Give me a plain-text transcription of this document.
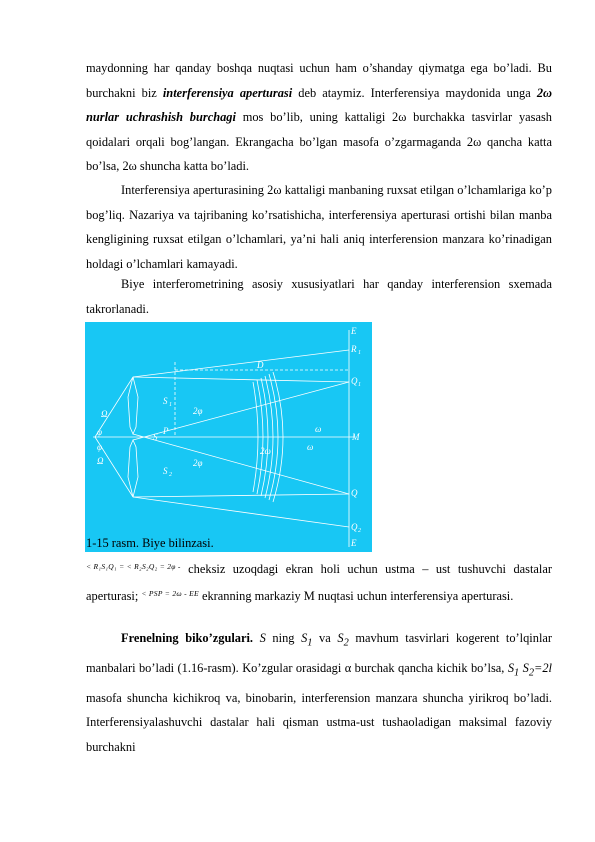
maydonning har qanday boshqa nuqtasi uchun ham o’shanday qiymatga ega bo’ladi. Bu burchakni biz interferensiya aperturasi deb ataymiz. Interferensiya maydonida unga 2ω nurlar uchrashish burchagi mos bo’lib, uning kattaligi 2ω burchakka tasvirlar yasash qoidalari orqali bog’langan. Ekrangacha bo’lgan masofa o’zgarmaganda 2ω qancha katta bo’lsa, 2ω shuncha katta bo’ladi.
Interferensiya aperturasining 2ω kattaligi manbaning ruxsat etilgan o’lchamlariga ko’p bog’liq. Nazariya va tajribaning ko’rsatishicha, interferensiya aperturasi ortishi bilan manba kengligining ruxsat etilgan o’lchamlari, ya’ni hali aniq interferension manzara ko’rinadigan holdagi o’lchamlari kamayadi.
Biye interferometrining asosiy xususiyatlari har qanday interferension sxemada takrorlanadi.
E
R 1
Q 1
M
Q
Q 2
E
D
Ω
φ
φ
Ω
P
S
S 1
S 2
2φ
2φ
2ω
ω
ω
1-15 rasm. Biye bilinzasi.
< R₁S₁Q₁ = < R₂S₂Q₂ = 2φ - cheksiz uzoqdagi ekran holi uchun ustma – ust tushuvchi dastalar aperturasi; < PSP = 2ω - EE ekranning markaziy M nuqtasi uchun interferensiya aperturasi.
Frenelning biko’zgulari. S ning $S_1$ va $S_2$ mavhum tasvirlari kogerent to’lqinlar manbalari bo’ladi (1.16-rasm). Ko’zgular orasidagi α burchak qancha kichik bo’lsa, $S_1$ $S_2=2l$ masofa shuncha kichikroq va, binobarin, interferension manzara shuncha yirikroq bo’ladi. Interferensiyalashuvchi dastalar hali qisman ustma-ust tushaoladigan maksimal fazoviy burchakni
